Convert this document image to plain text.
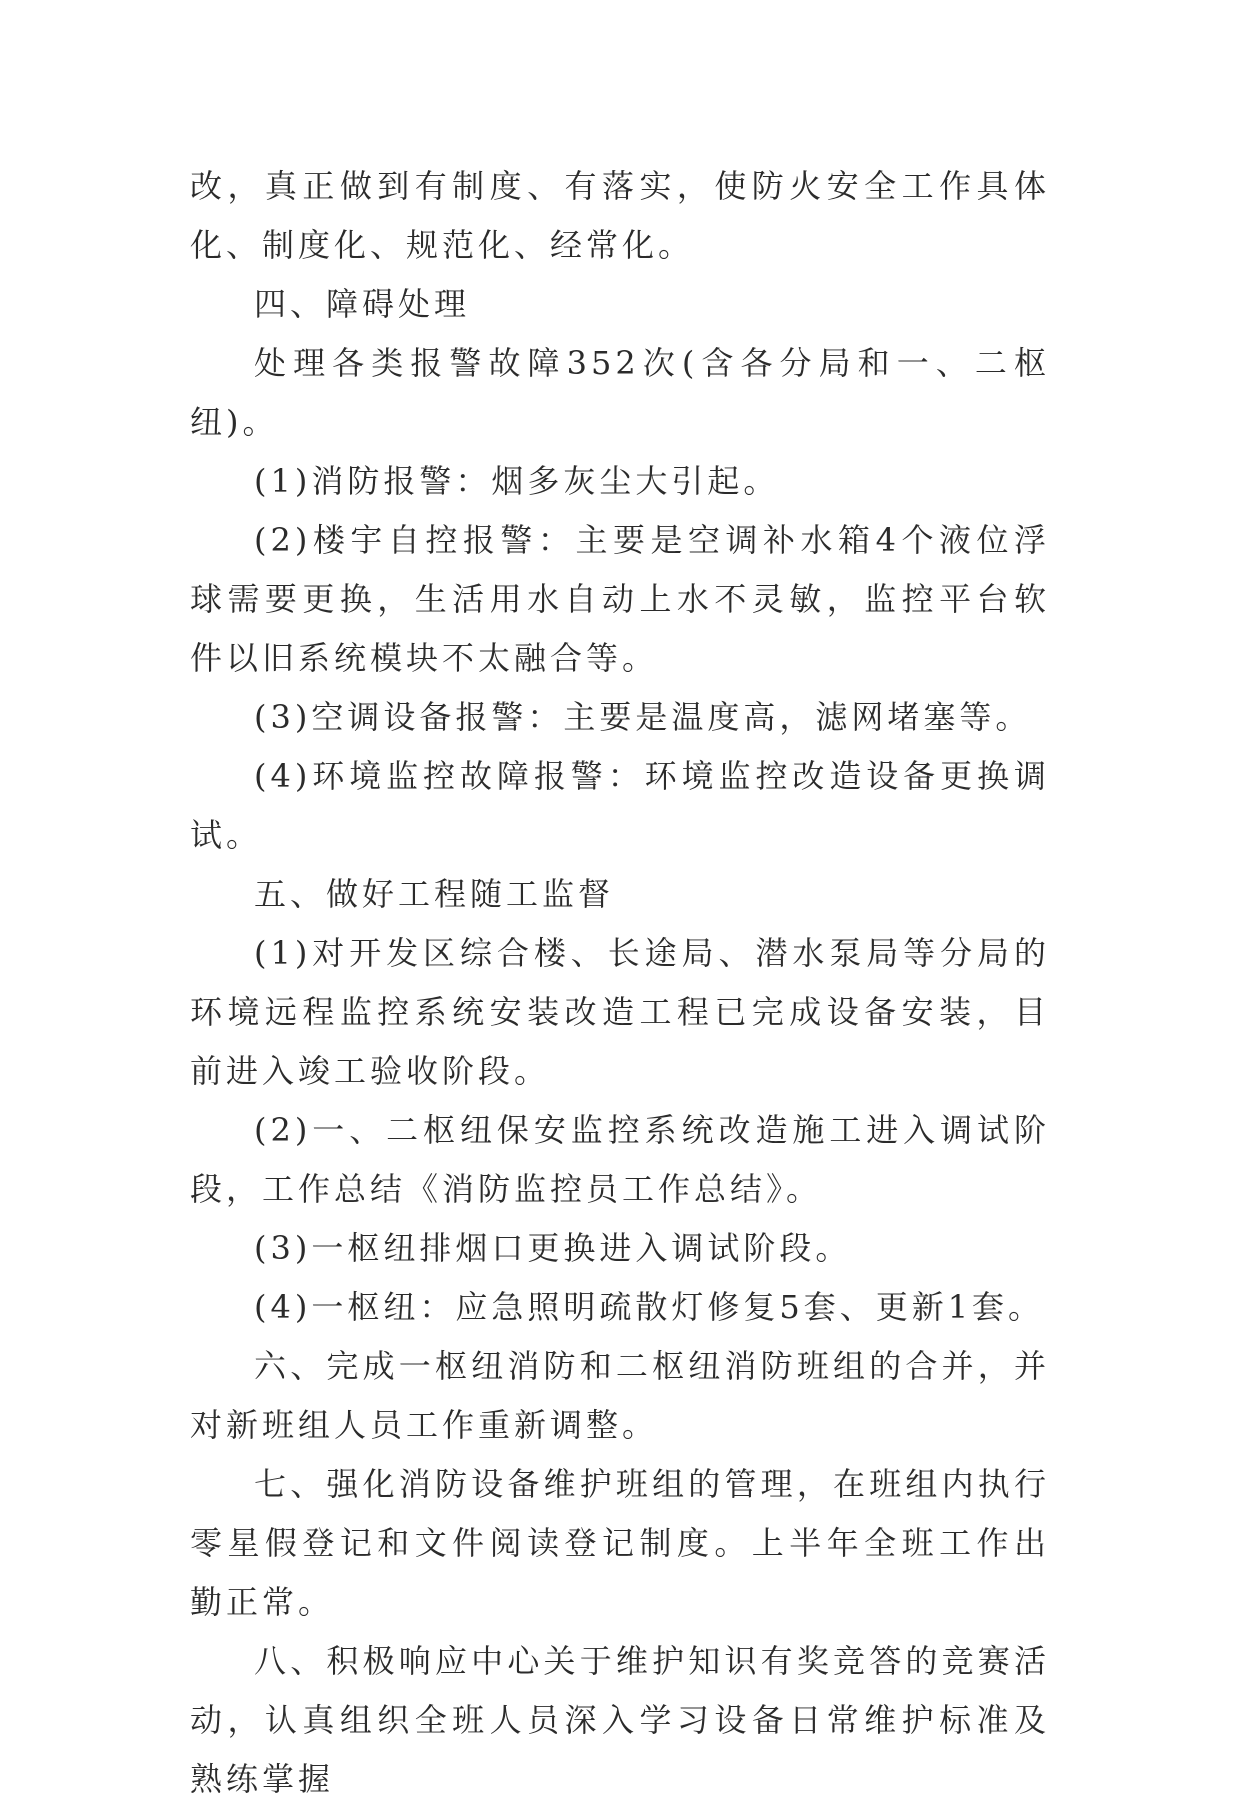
改，真正做到有制度、有落实，使防火安全工作具体化、制度化、规范化、经常化。

四、障碍处理

处理各类报警故障352次(含各分局和一、二枢纽)。

(1)消防报警：烟多灰尘大引起。

(2)楼宇自控报警：主要是空调补水箱4个液位浮球需要更换，生活用水自动上水不灵敏，监控平台软件以旧系统模块不太融合等。

(3)空调设备报警：主要是温度高，滤网堵塞等。

(4)环境监控故障报警：环境监控改造设备更换调试。

五、做好工程随工监督

(1)对开发区综合楼、长途局、潜水泵局等分局的环境远程监控系统安装改造工程已完成设备安装，目前进入竣工验收阶段。

(2)一、二枢纽保安监控系统改造施工进入调试阶段，工作总结《消防监控员工作总结》。

(3)一枢纽排烟口更换进入调试阶段。

(4)一枢纽：应急照明疏散灯修复5套、更新1套。

六、完成一枢纽消防和二枢纽消防班组的合并，并对新班组人员工作重新调整。

七、强化消防设备维护班组的管理，在班组内执行零星假登记和文件阅读登记制度。上半年全班工作出勤正常。

八、积极响应中心关于维护知识有奖竞答的竞赛活动，认真组织全班人员深入学习设备日常维护标准及熟练掌握
